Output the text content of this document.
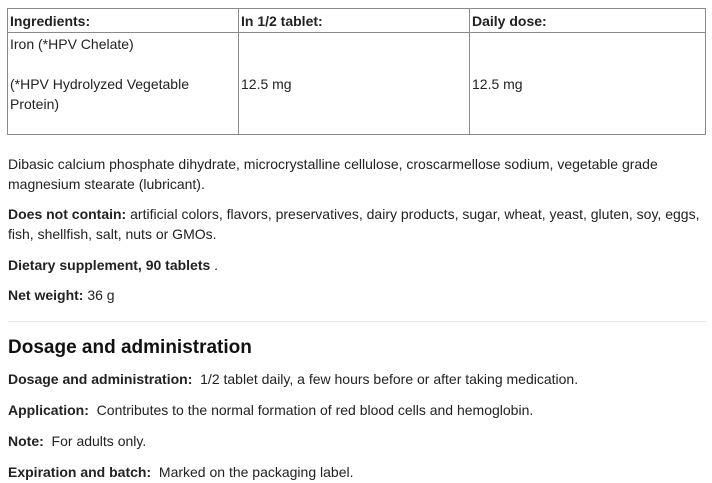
Ingredients:	In 1/2 tablet:	Daily dose:

Iron (*HPV Chelate)
(*HPV Hydrolyzed Vegetable Protein)	12.5 mg	12.5 mg

Dibasic calcium phosphate dihydrate, microcrystalline cellulose, croscarmellose sodium, vegetable grade magnesium stearate (lubricant).

Does not contain: artificial colors, flavors, preservatives, dairy products, sugar, wheat, yeast, gluten, soy, eggs, fish, shellfish, salt, nuts or GMOs.

Dietary supplement, 90 tablets .

Net weight: 36 g

Dosage and administration

Dosage and administration:  1/2 tablet daily, a few hours before or after taking medication.

Application:  Contributes to the normal formation of red blood cells and hemoglobin.

Note:  For adults only.

Expiration and batch:  Marked on the packaging label.
